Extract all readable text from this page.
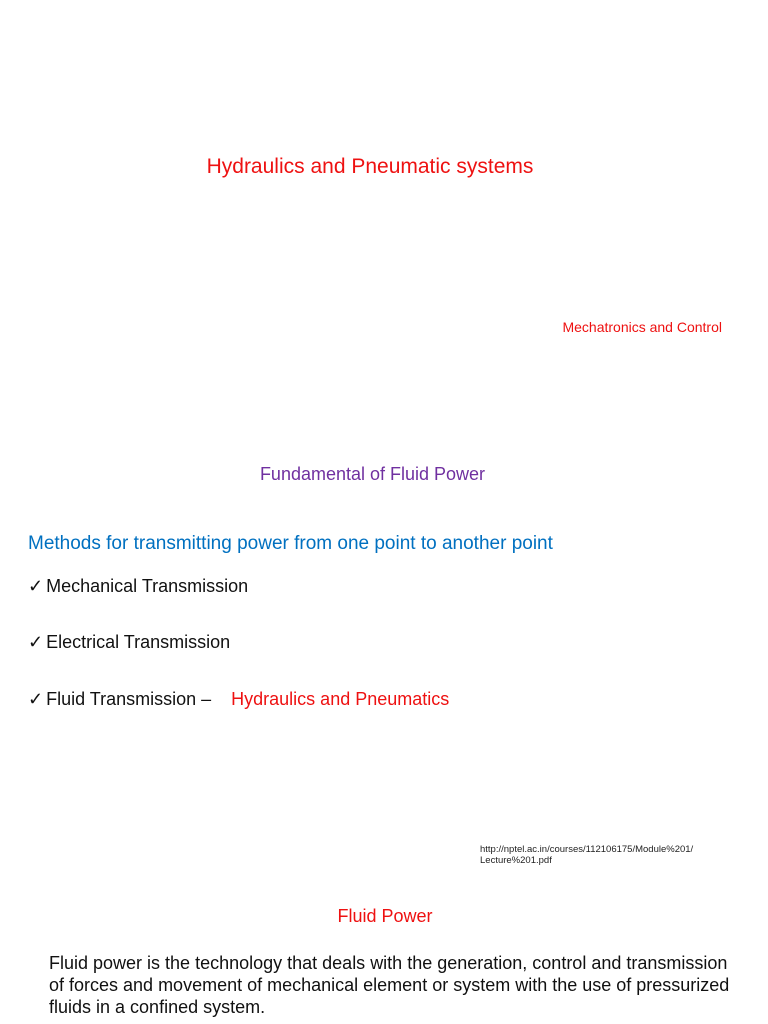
Hydraulics and Pneumatic systems
Mechatronics and Control
Fundamental of Fluid Power
Methods for transmitting power from one point to another point
✓ Mechanical Transmission
✓ Electrical Transmission
✓ Fluid Transmission – Hydraulics and Pneumatics
http://nptel.ac.in/courses/112106175/Module%201/
Lecture%201.pdf
Fluid Power
Fluid power is the technology that deals with the generation, control and transmission of forces and movement of mechanical element or system with the use of pressurized fluids in a confined system.
